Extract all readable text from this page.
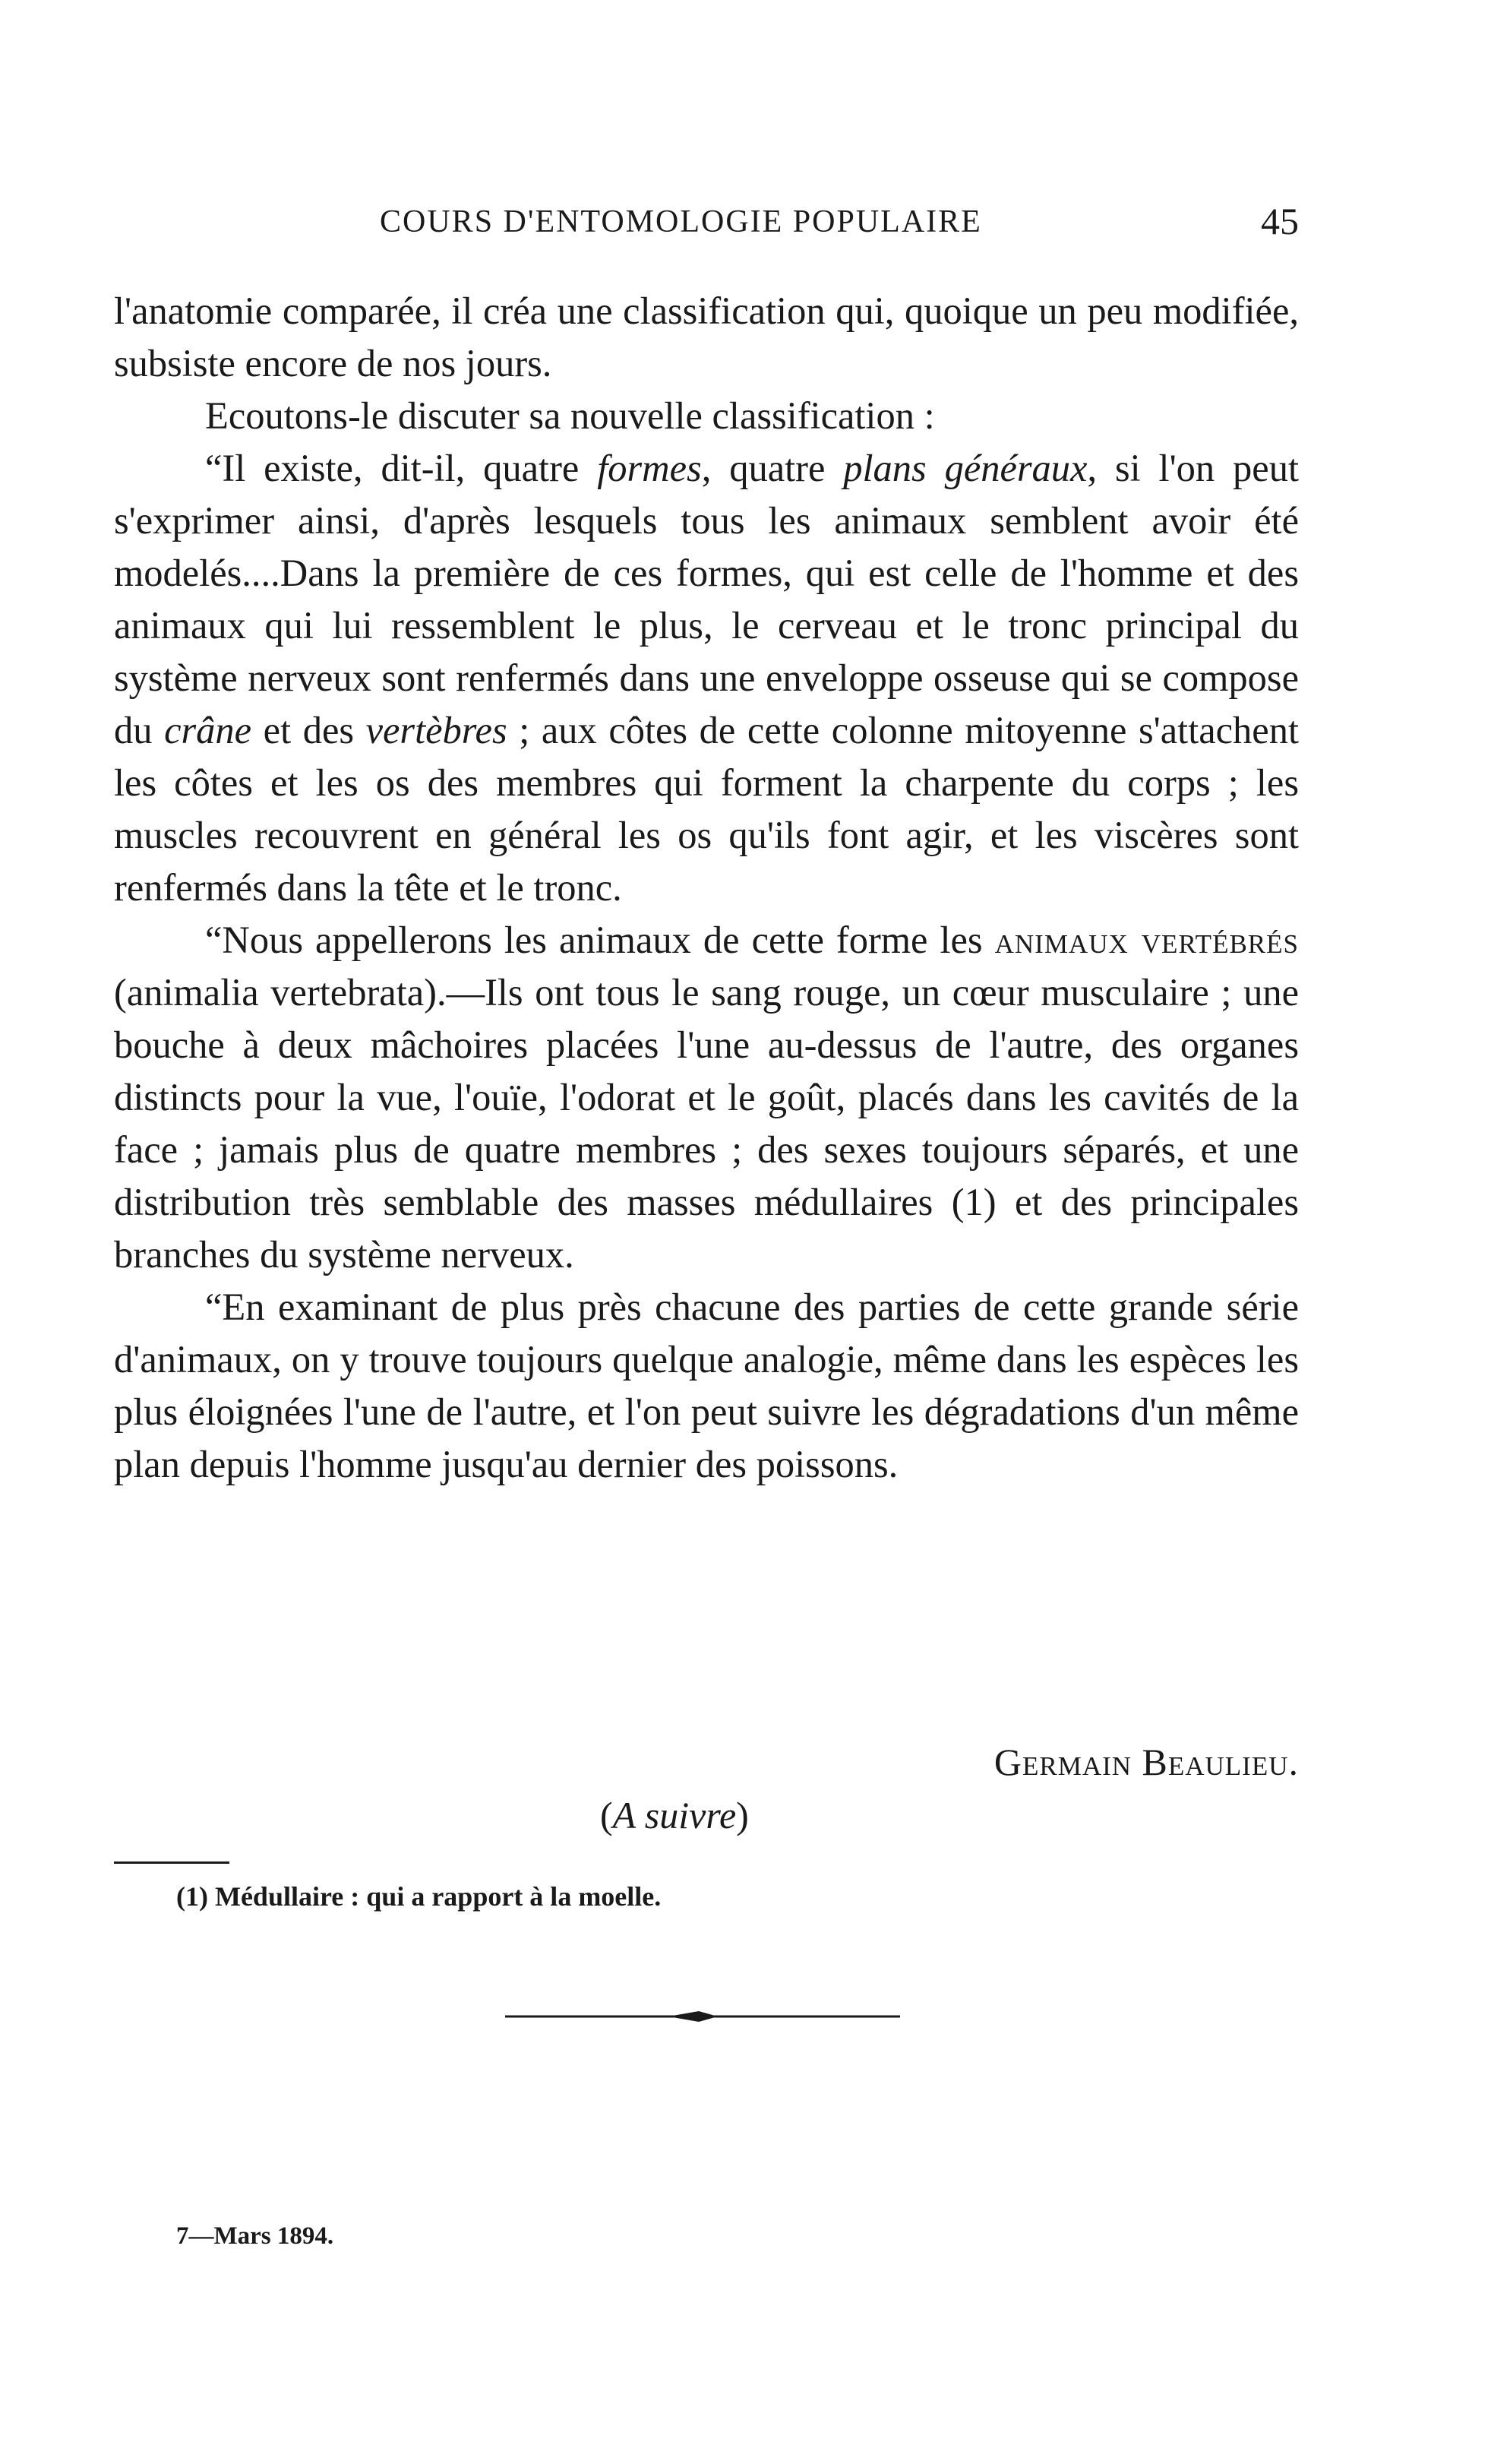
COURS D'ENTOMOLOGIE POPULAIRE	45

l'anatomie comparée, il créa une classification qui, quoique un peu modifiée, subsiste encore de nos jours.

Ecoutons-le discuter sa nouvelle classification :

“Il existe, dit-il, quatre formes, quatre plans généraux, si l'on peut s'exprimer ainsi, d'après lesquels tous les animaux semblent avoir été modelés....Dans la première de ces formes, qui est celle de l'homme et des animaux qui lui ressemblent le plus, le cerveau et le tronc principal du système nerveux sont renfermés dans une enveloppe osseuse qui se compose du crâne et des vertèbres ; aux côtes de cette colonne mitoyenne s'attachent les côtes et les os des membres qui forment la charpente du corps ; les muscles recouvrent en général les os qu'ils font agir, et les viscères sont renfermés dans la tête et le tronc.

“Nous appellerons les animaux de cette forme les animaux vertébrés (animalia vertebrata).—Ils ont tous le sang rouge, un cœur musculaire ; une bouche à deux mâchoires placées l'une au-dessus de l'autre, des organes distincts pour la vue, l'ouïe, l'odorat et le goût, placés dans les cavités de la face ; jamais plus de quatre membres ; des sexes toujours séparés, et une distribution très semblable des masses médullaires (1) et des principales branches du système nerveux.

“En examinant de plus près chacune des parties de cette grande série d'animaux, on y trouve toujours quelque analogie, même dans les espèces les plus éloignées l'une de l'autre, et l'on peut suivre les dégradations d'un même plan depuis l'homme jusqu'au dernier des poissons.

Germain Beaulieu.
(A suivre)
(1) Médullaire : qui a rapport à la moelle.
7—Mars 1894.
